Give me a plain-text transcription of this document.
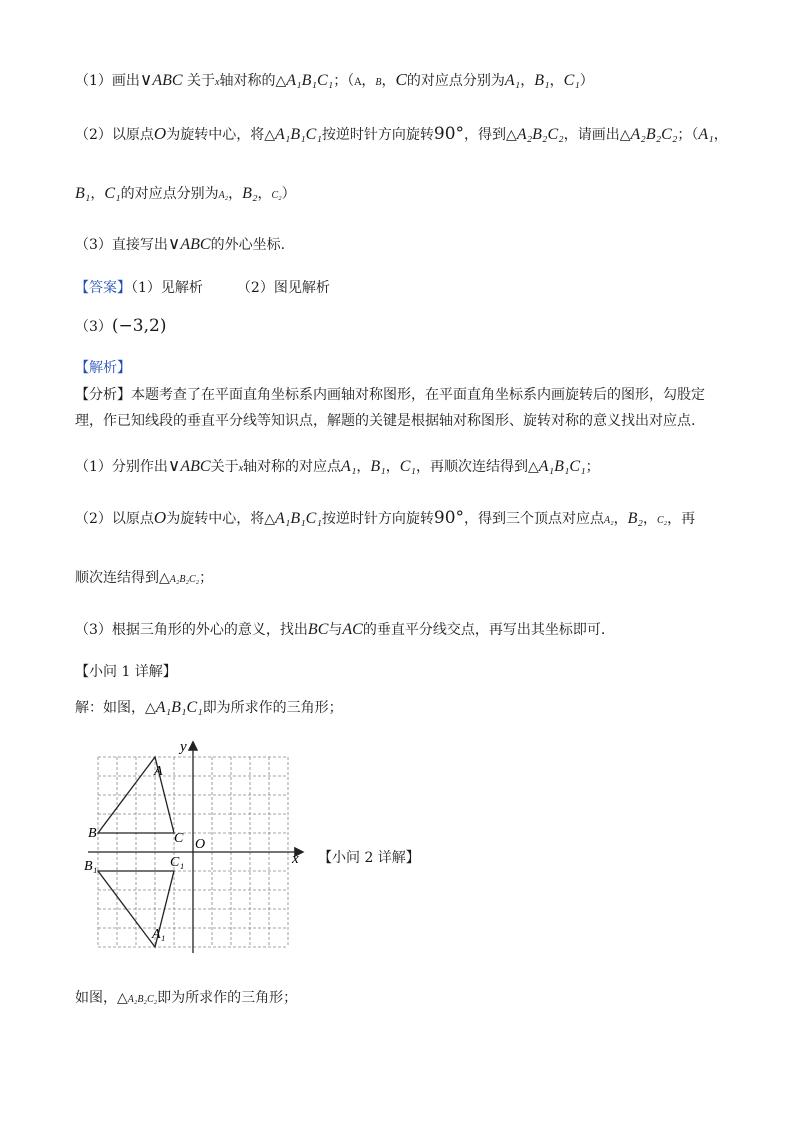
（1）画出∨ABC 关于x轴对称的△A₁B₁C₁；（A，B，C的对应点分别为A₁，B₁，C₁）
（2）以原点O为旋转中心，将△A₁B₁C₁按逆时针方向旋转90°，得到△A₂B₂C₂，请画出△A₂B₂C₂；（A₁，
B₁，C₁的对应点分别为A₂，B₂，C₂）
（3）直接写出∨ABC的外心坐标.
【答案】（1）见解析 （2）图见解析
（3）(−3,2)
【解析】
【分析】本题考查了在平面直角坐标系内画轴对称图形，在平面直角坐标系内画旋转后的图形，勾股定理，作已知线段的垂直平分线等知识点，解题的关键是根据轴对称图形、旋转对称的意义找出对应点.
（1）分别作出∨ABC关于x轴对称的对应点A₁，B₁，C₁，再顺次连结得到△A₁B₁C₁；
（2）以原点O为旋转中心，将△A₁B₁C₁按逆时针方向旋转90°，得到三个顶点对应点A₂，B₂，C₂，再
顺次连结得到△A₂B₂C₂；
（3）根据三角形的外心的意义，找出BC与AC的垂直平分线交点，再写出其坐标即可.
【小问 1 详解】
解：如图，△A₁B₁C₁即为所求作的三角形；
y
x
O
A
B	C
A₁
B₁	C₁	【小问 2 详解】
如图，△A₂B₂C₂即为所求作的三角形；
